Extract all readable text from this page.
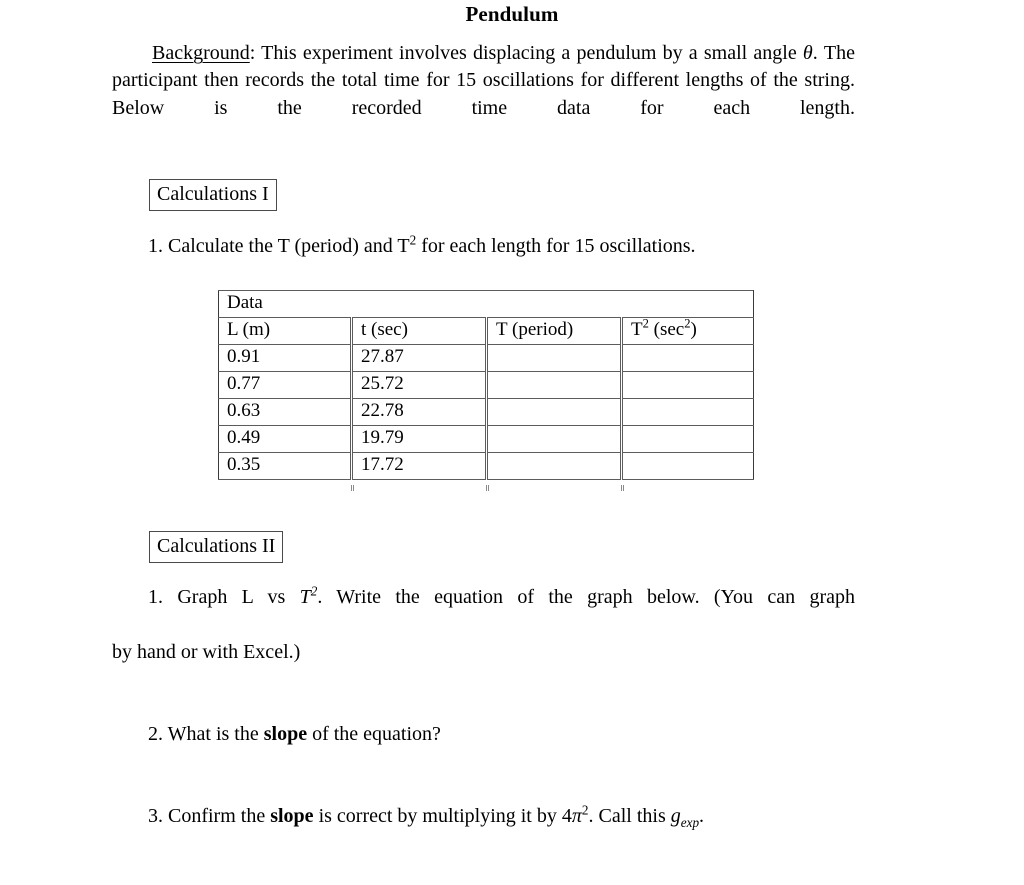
Pendulum

Background: This experiment involves displacing a pendulum by a small angle θ. The participant then records the total time for 15 oscillations for different lengths of the string. Below is the recorded time data for each length.

Calculations I
1. Calculate the T (period) and $T^2$ for each length for 15 oscillations.
Data			
L (m)	t (sec)	T (period)	$T^2$ $(\sec^2)$
0.91	27.87		
0.77	25.72		
0.63	22.78		
0.49	19.79		
0.35	17.72		
Calculations II
1. Graph L vs $T^2$. Write the equation of the graph below. (You can graph
by hand or with Excel.)
2. What is the slope of the equation?
3. Confirm the slope is correct by multiplying it by $4\pi^2$. Call this $g_{exp}$.
